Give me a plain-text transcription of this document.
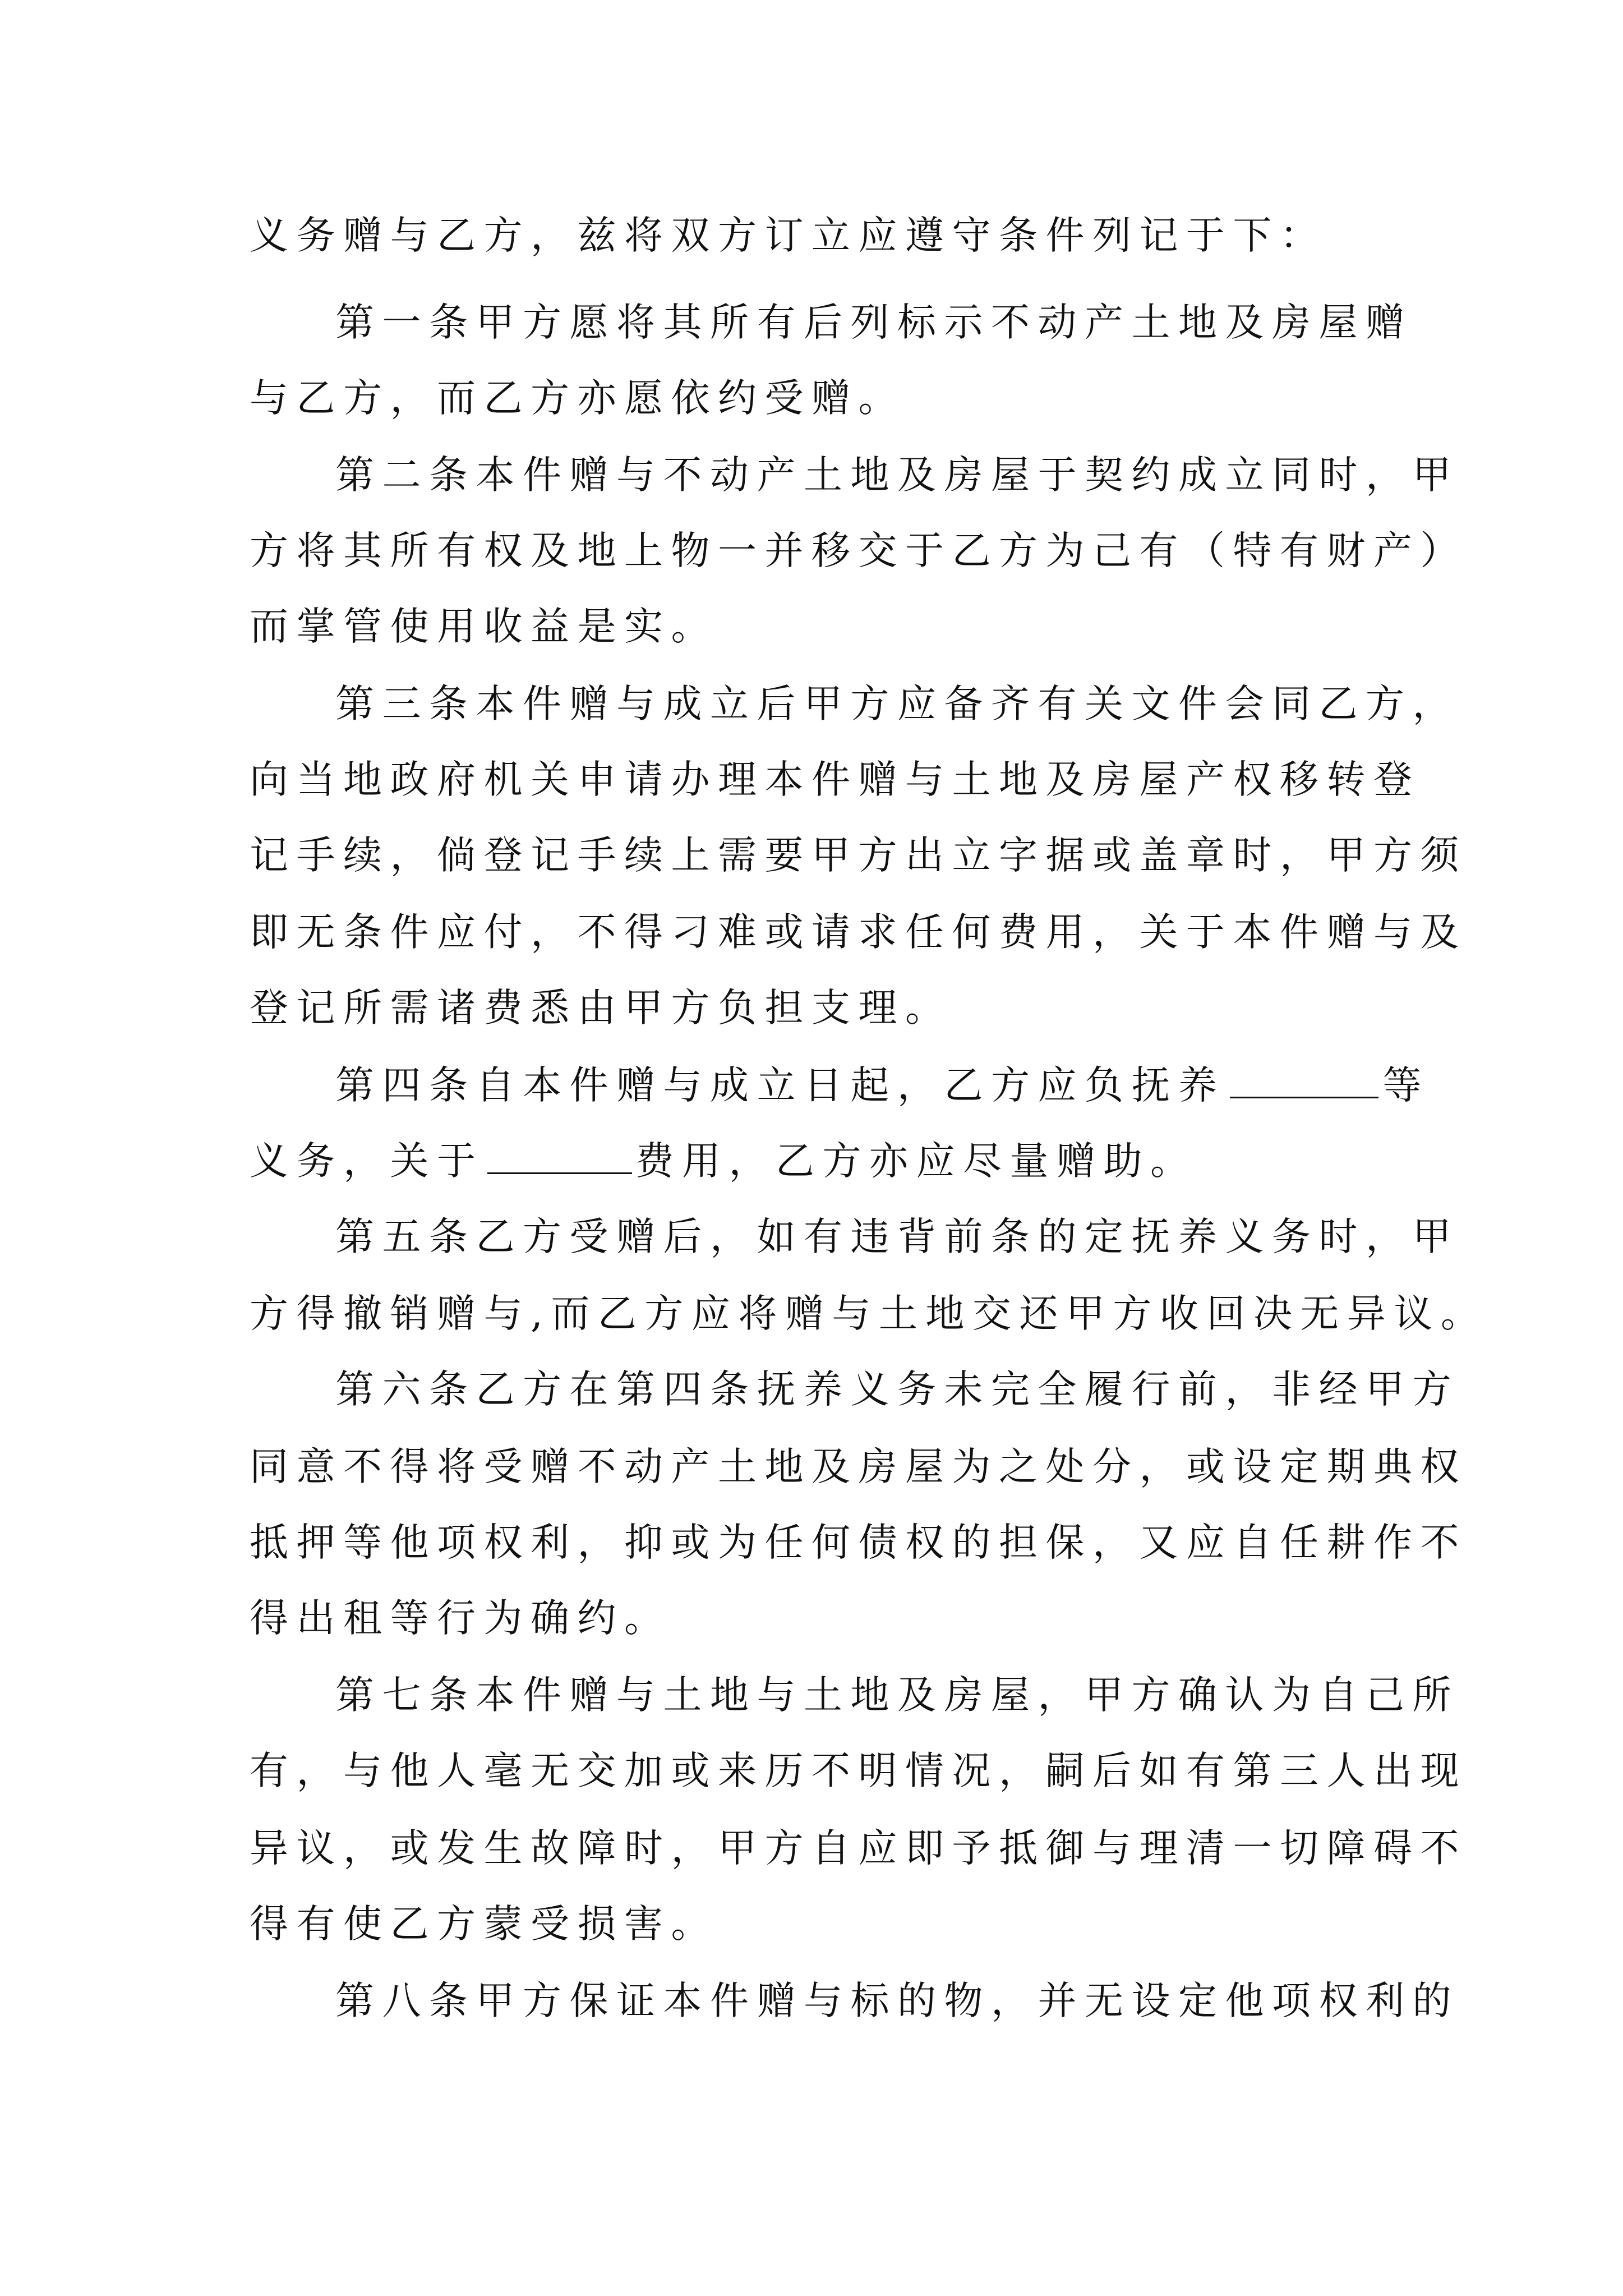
义务赠与乙方，兹将双方订立应遵守条件列记于下：
第一条甲方愿将其所有后列标示不动产土地及房屋赠
与乙方，而乙方亦愿依约受赠。
第二条本件赠与不动产土地及房屋于契约成立同时，甲
方将其所有权及地上物一并移交于乙方为己有（特有财产）
而掌管使用收益是实。
第三条本件赠与成立后甲方应备齐有关文件会同乙方，
向当地政府机关申请办理本件赠与土地及房屋产权移转登
记手续，倘登记手续上需要甲方出立字据或盖章时，甲方须
即无条件应付，不得刁难或请求任何费用，关于本件赠与及
登记所需诸费悉由甲方负担支理。
第四条自本件赠与成立日起，乙方应负抚养	等
义务，关于	费用，乙方亦应尽量赠助。
第五条乙方受赠后，如有违背前条的定抚养义务时，甲
方得撤销赠与,而乙方应将赠与土地交还甲方收回决无异议。
第六条乙方在第四条抚养义务未完全履行前，非经甲方
同意不得将受赠不动产土地及房屋为之处分，或设定期典权
抵押等他项权利，抑或为任何债权的担保，又应自任耕作不
得出租等行为确约。
第七条本件赠与土地与土地及房屋，甲方确认为自己所
有，与他人毫无交加或来历不明情况，嗣后如有第三人出现
异议，或发生故障时，甲方自应即予抵御与理清一切障碍不
得有使乙方蒙受损害。
第八条甲方保证本件赠与标的物，并无设定他项权利的
